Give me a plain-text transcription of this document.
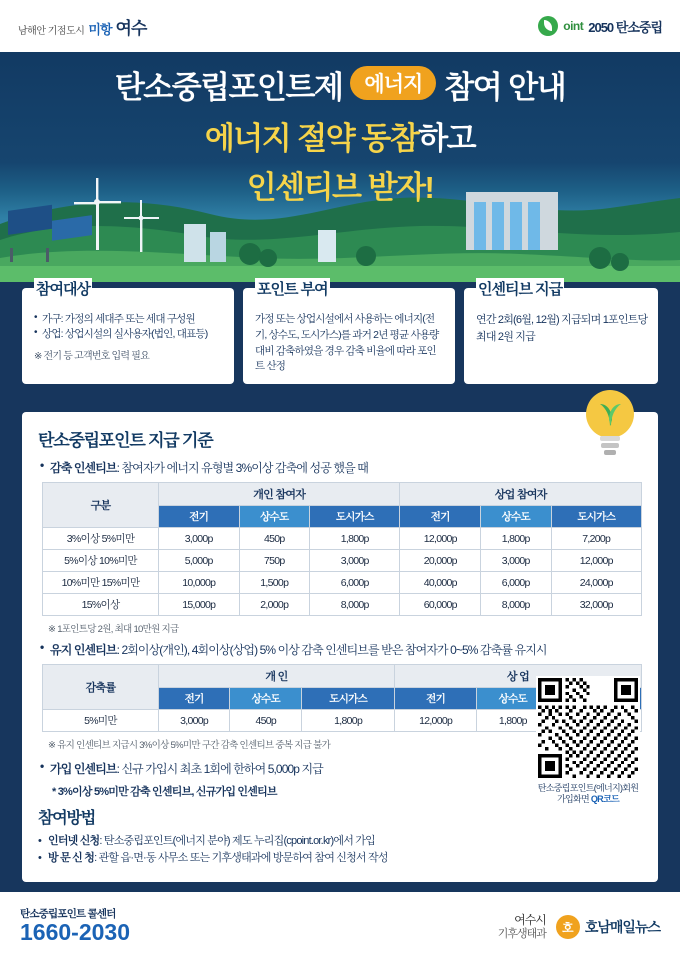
남해안 기점도시 미항 여수	oint 2050 탄소중립
탄소중립포인트제	에너지 참여 안내
에너지 절약 동참하고
인센티브 받자!
참여대상
• 가구: 가정의 세대주 또는 세대 구성원
• 상업: 상업시설의 실사용자(법인, 대표등)
※ 전기 등 고객번호 입력 필요
포인트 부여

가정 또는 상업시설에서 사용하는 에너지(전기, 상수도, 도시가스)를 과거 2년 평균 사용량 대비 감축하였을 경우 감축 비율에 따라 포인트 산정

인센티브 지급

연간 2회(6월, 12월) 지급되며 1포인트당 최대 2원 지급

탄소중립포인트 지급 기준
• 감축 인센티브: 참여자가 에너지 유형별 3%이상 감축에 성공 했을 때
구분	개인 참여자			상업 참여자		
	전기	상수도	도시가스	전기	상수도	도시가스
3%이상 5%미만	3,000p	450p	1,800p	12,000p	1,800p	7,200p
5%이상 10%미만	5,000p	750p	3,000p	20,000p	3,000p	12,000p
10%미만 15%미만	10,000p	1,500p	6,000p	40,000p	6,000p	24,000p
15%이상	15,000p	2,000p	8,000p	60,000p	8,000p	32,000p
※ 1포인트당 2원, 최대 10만원 지급
• 유지 인센티브: 2회이상(개인), 4회이상(상업) 5% 이상 감축 인센티브를 받은 참여자가 0~5% 감축률 유지시
감축률	개 인			상 업		
	전기	상수도	도시가스	전기	상수도	
5%미만	3,000p	450p	1,800p	12,000p	1,800p	
※ 유지 인센티브 지급시 3%이상 5%미만 구간 감축 인센티브 중복 지급 불가
• 가입 인센티브: 신규 가입시 최초 1회에 한하여 5,000p 지급
* 3%이상 5%미만 감축 인센티브, 신규가입 인센티브	탄소중립포인트(에너지)회원
가입화면 QR코드
참여방법
• 인터넷 신청: 탄소중립포인트(에너지 분야) 제도 누리집(cpoint.or.kr)에서 가입
• 방 문 신 청: 관할 읍·면·동 사무소 또는 기후생태과에 방문하여 참여 신청서 작성
탄소중립포인트 콜센터
1660-2030	여수시
기후생태과	호 호남매일뉴스
